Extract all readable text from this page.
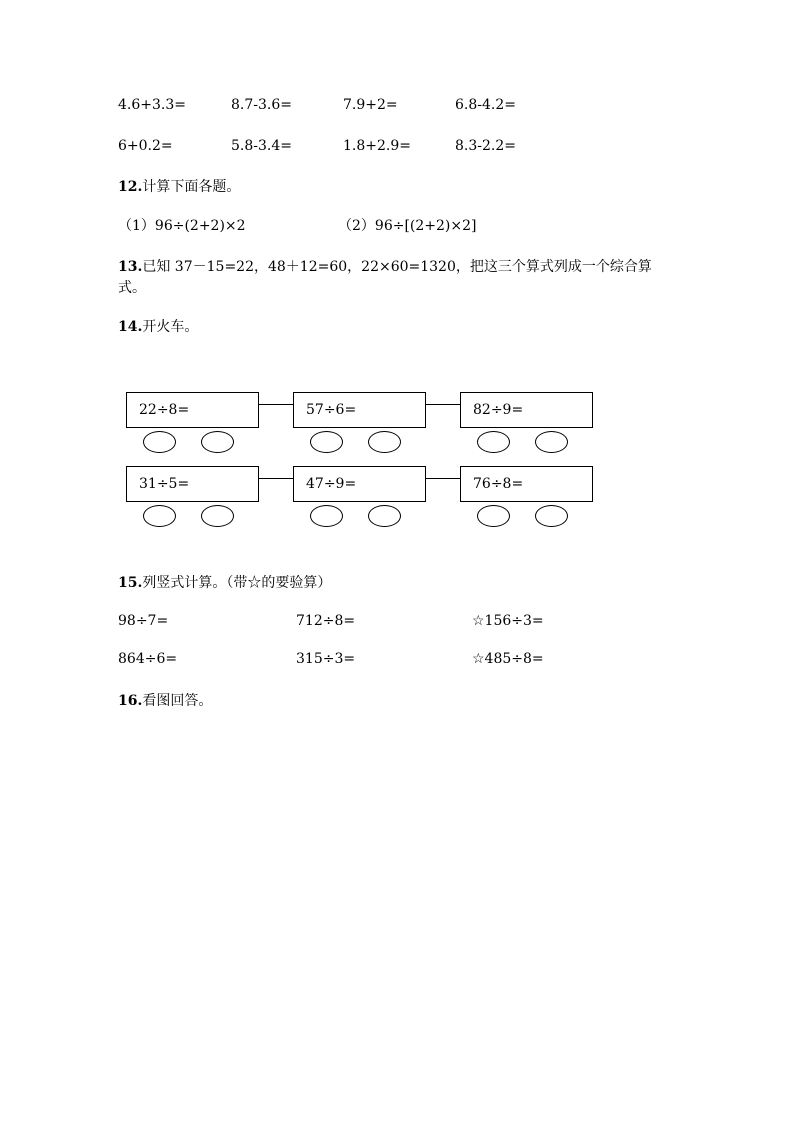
4.6+3.3=	8.7-3.6=	7.9+2=	6.8-4.2=
6+0.2=	5.8-3.4=	1.8+2.9=	8.3-2.2=
12.计算下面各题。
（1）96÷(2+2)×2	（2）96÷[(2+2)×2]
13.已知 37－15=22，48＋12=60，22×60=1320，把这三个算式列成一个综合算
式。
14.开火车。
22÷8=	57÷6=	82÷9=
31÷5=	47÷9=	76÷8=
15.列竖式计算。（带☆的要验算）
98÷7=	712÷8=	☆156÷3=
864÷6=	315÷3=	☆485÷8=
16.看图回答。
